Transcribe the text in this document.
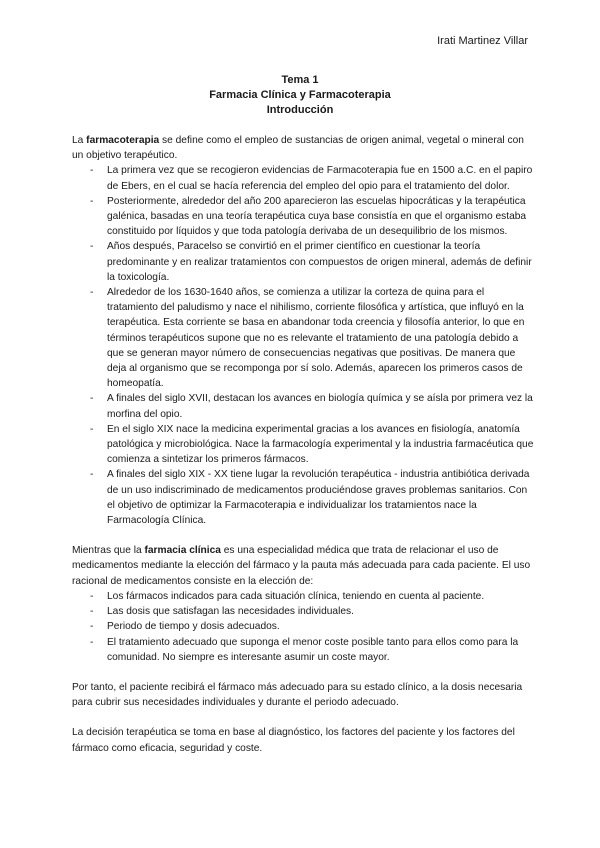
Irati Martinez Villar
Tema 1
Farmacia Clínica y Farmacoterapia
Introducción

La farmacoterapia se define como el empleo de sustancias de origen animal, vegetal o mineral con un objetivo terapéutico.

- La primera vez que se recogieron evidencias de Farmacoterapia fue en 1500 a.C. en el papiro de Ebers, en el cual se hacía referencia del empleo del opio para el tratamiento del dolor.
- Posteriormente, alrededor del año 200 aparecieron las escuelas hipocráticas y la terapéutica galénica, basadas en una teoría terapéutica cuya base consistía en que el organismo estaba constituido por líquidos y que toda patología derivaba de un desequilibrio de los mismos.
- Años después, Paracelso se convirtió en el primer científico en cuestionar la teoría predominante y en realizar tratamientos con compuestos de origen mineral, además de definir la toxicología.
- Alrededor de los 1630-1640 años, se comienza a utilizar la corteza de quina para el tratamiento del paludismo y nace el nihilismo, corriente filosófica y artística, que influyó en la terapéutica. Esta corriente se basa en abandonar toda creencia y filosofía anterior, lo que en términos terapéuticos supone que no es relevante el tratamiento de una patología debido a que se generan mayor número de consecuencias negativas que positivas. De manera que deja al organismo que se recomponga por sí solo. Además, aparecen los primeros casos de homeopatía.
- A finales del siglo XVII, destacan los avances en biología química y se aísla por primera vez la morfina del opio.
- En el siglo XIX nace la medicina experimental gracias a los avances en fisiología, anatomía patológica y microbiológica. Nace la farmacología experimental y la industria farmacéutica que comienza a sintetizar los primeros fármacos.
- A finales del siglo XIX - XX tiene lugar la revolución terapéutica - industria antibiótica derivada de un uso indiscriminado de medicamentos produciéndose graves problemas sanitarios. Con el objetivo de optimizar la Farmacoterapia e individualizar los tratamientos nace la Farmacología Clínica.

Mientras que la farmacia clínica es una especialidad médica que trata de relacionar el uso de medicamentos mediante la elección del fármaco y la pauta más adecuada para cada paciente. El uso racional de medicamentos consiste en la elección de:

- Los fármacos indicados para cada situación clínica, teniendo en cuenta al paciente.
- Las dosis que satisfagan las necesidades individuales.
- Periodo de tiempo y dosis adecuados.
- El tratamiento adecuado que suponga el menor coste posible tanto para ellos como para la comunidad. No siempre es interesante asumir un coste mayor.

Por tanto, el paciente recibirá el fármaco más adecuado para su estado clínico, a la dosis necesaria para cubrir sus necesidades individuales y durante el periodo adecuado.

La decisión terapéutica se toma en base al diagnóstico, los factores del paciente y los factores del fármaco como eficacia, seguridad y coste.
